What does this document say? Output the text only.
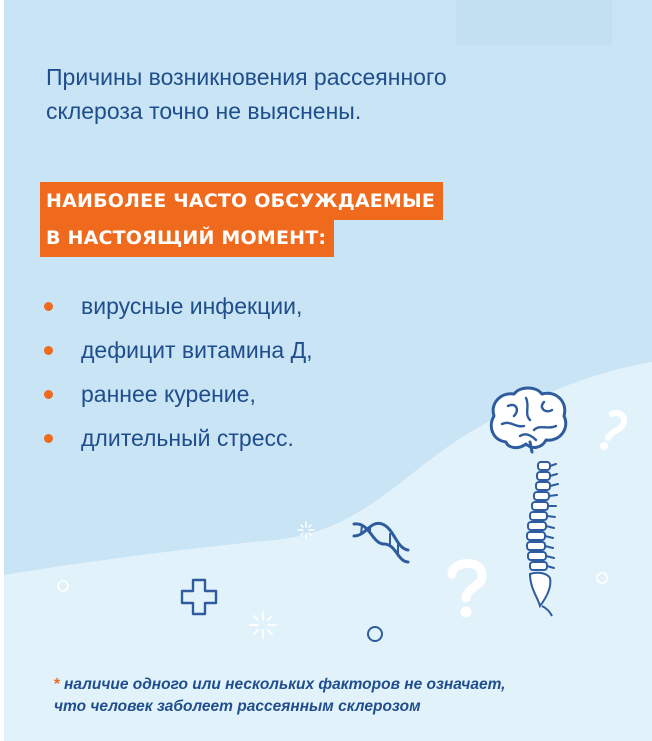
Причины возникновения рассеянного
склероза точно не выяснены.
НАИБОЛЕЕ ЧАСТО ОБСУЖДАЕМЫЕ
В НАСТОЯЩИЙ МОМЕНТ:
вирусные инфекции,
дефицит витамина Д,
раннее курение,
длительный стресс.
* наличие одного или нескольких факторов не означает,
что человек заболеет рассеянным склерозом
